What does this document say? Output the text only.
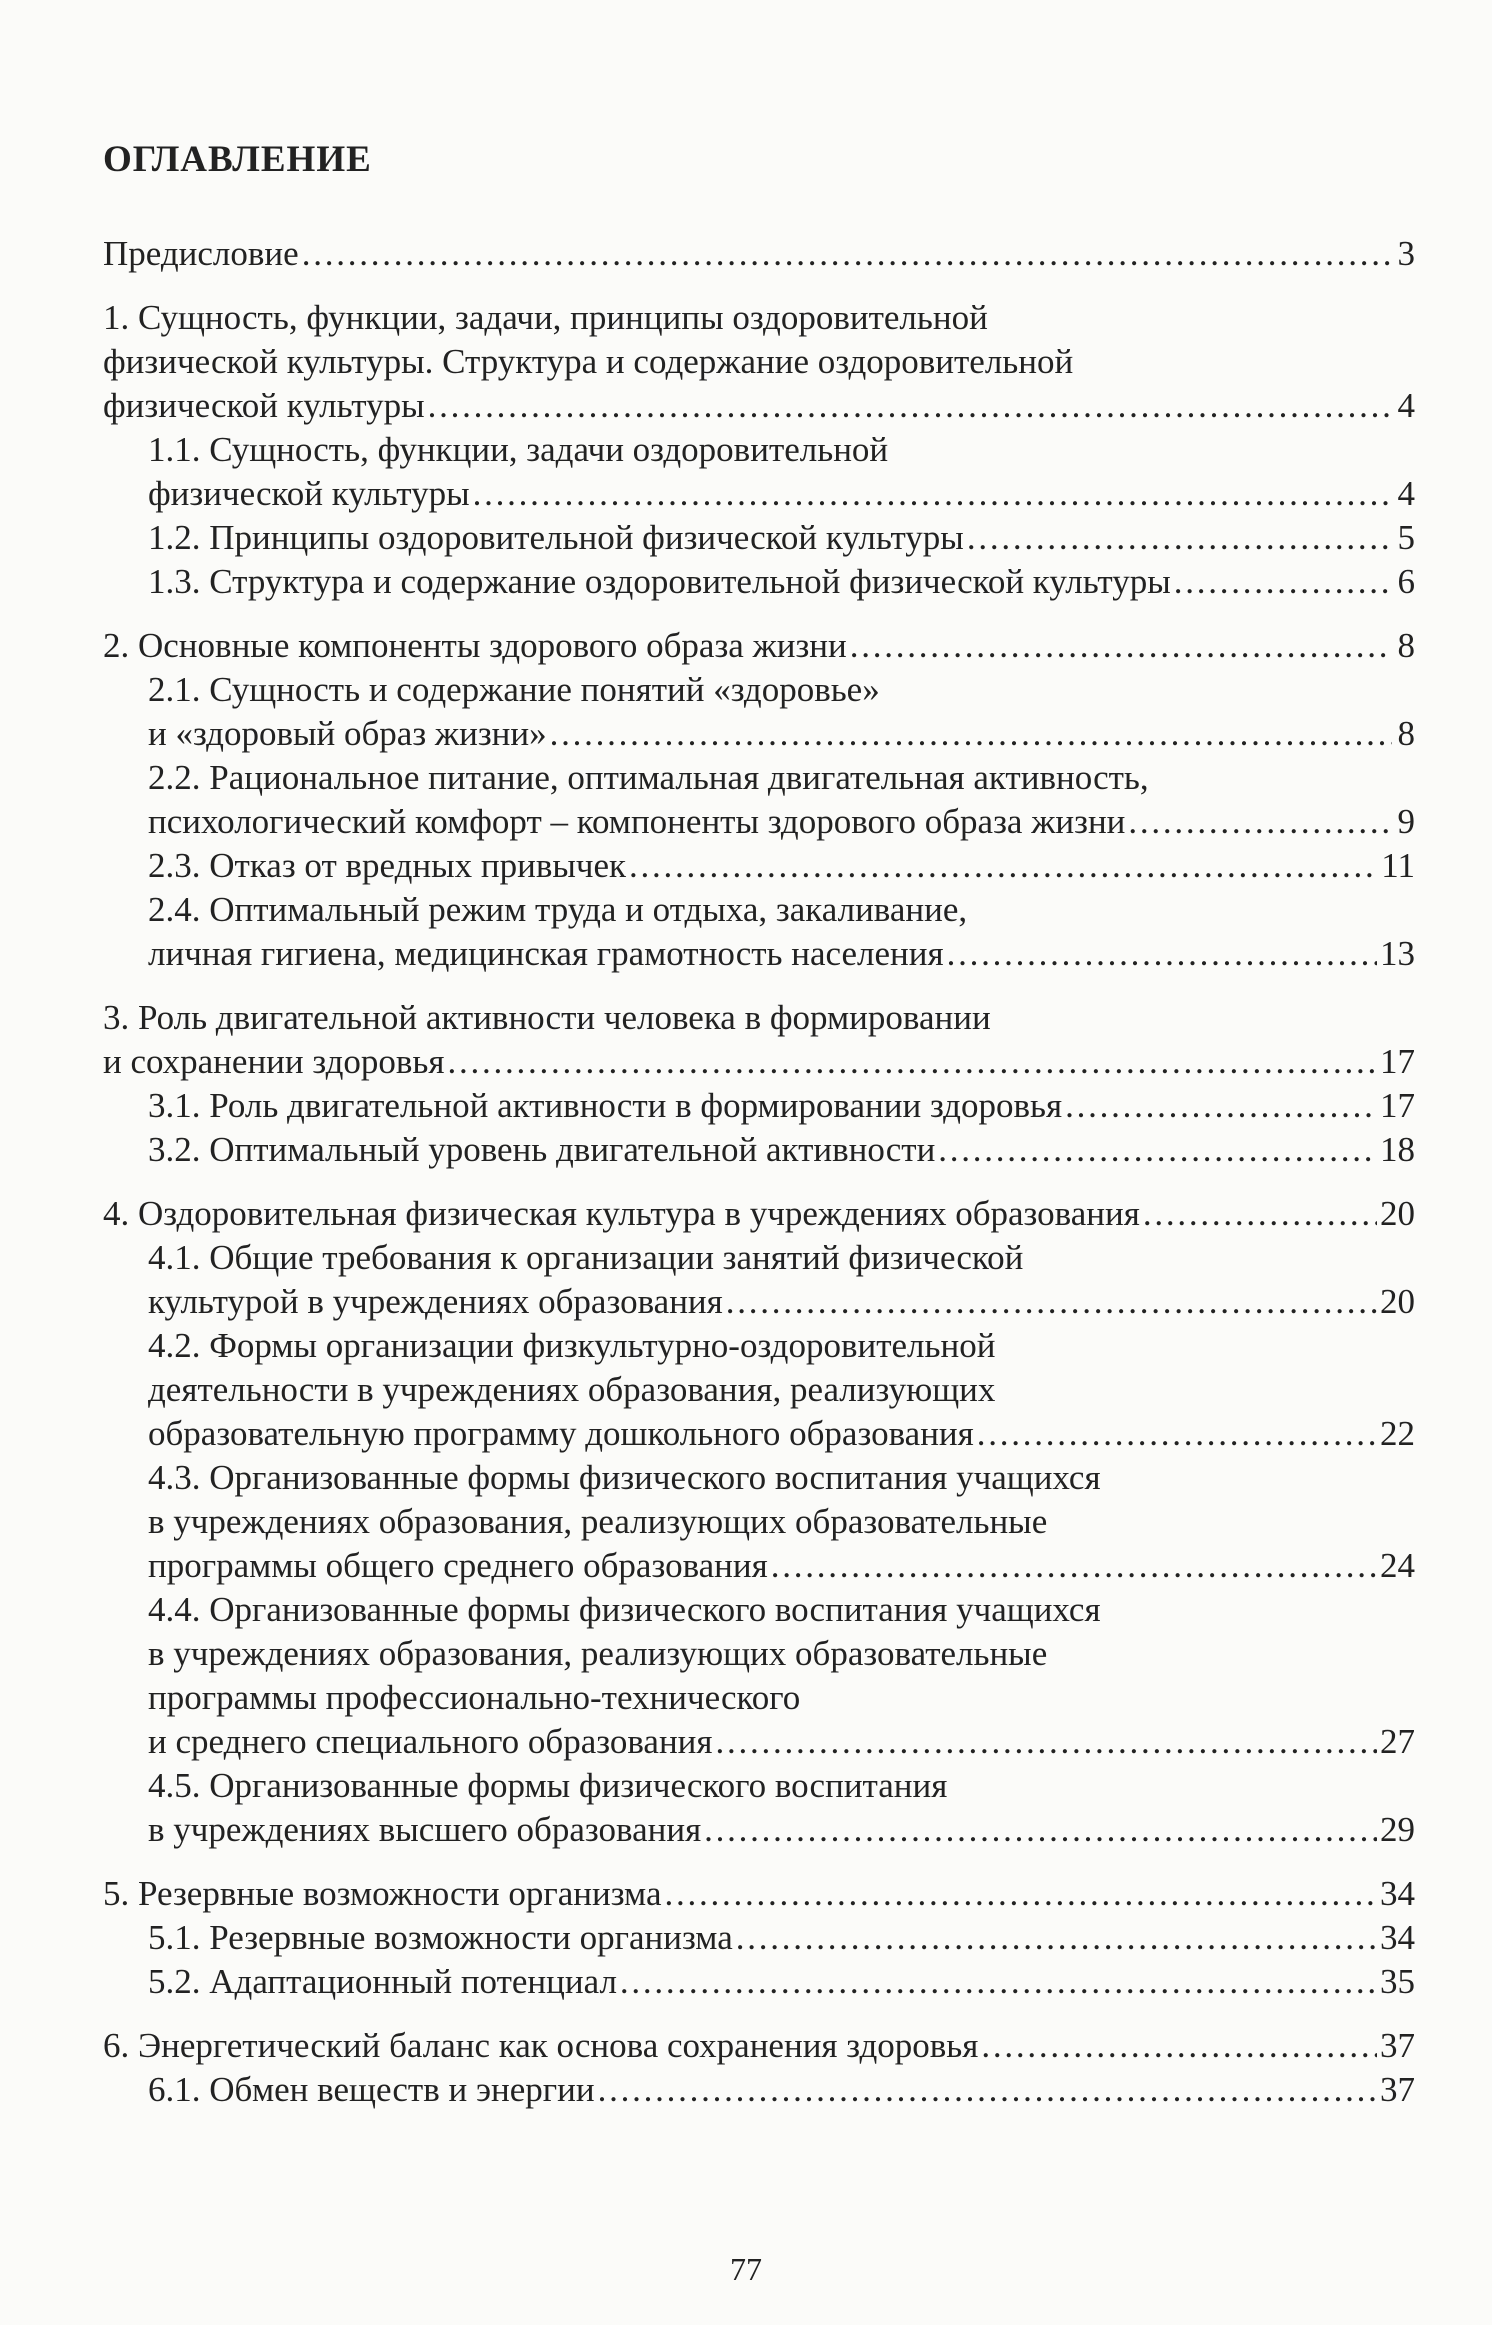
ОГЛАВЛЕНИЕ
Предисловие . . .	3
1. Сущность, функции, задачи, принципы оздоровительной
физической культуры. Структура и содержание оздоровительной
физической культуры . . .	4
1.1. Сущность, функции, задачи оздоровительной
физической культуры . . .	4
1.2. Принципы оздоровительной физической культуры . . .	5
1.3. Структура и содержание оздоровительной физической культуры . . .	6
2. Основные компоненты здорового образа жизни . . .	8
2.1. Сущность и содержание понятий «здоровье»
и «здоровый образ жизни» . . .	8
2.2. Рациональное питание, оптимальная двигательная активность,
психологический комфорт – компоненты здорового образа жизни . . .	9
2.3. Отказ от вредных привычек . . .	11
2.4. Оптимальный режим труда и отдыха, закаливание,
личная гигиена, медицинская грамотность населения . . .	13
3. Роль двигательной активности человека в формировании
и сохранении здоровья . . .	17
3.1. Роль двигательной активности в формировании здоровья . . .	17
3.2. Оптимальный уровень двигательной активности . . .	18
4. Оздоровительная физическая культура в учреждениях образования . . .	20
4.1. Общие требования к организации занятий физической
культурой в учреждениях образования . . .	20
4.2. Формы организации физкультурно-оздоровительной
деятельности в учреждениях образования, реализующих
образовательную программу дошкольного образования . . .	22
4.3. Организованные формы физического воспитания учащихся
в учреждениях образования, реализующих образовательные
программы общего среднего образования . . .	24
4.4. Организованные формы физического воспитания учащихся
в учреждениях образования, реализующих образовательные
программы профессионально-технического
и среднего специального образования . . .	27
4.5. Организованные формы физического воспитания
в учреждениях высшего образования . . .	29
5. Резервные возможности организма . . .	34
5.1. Резервные возможности организма . . .	34
5.2. Адаптационный потенциал . . .	35
6. Энергетический баланс как основа сохранения здоровья . . .	37
6.1. Обмен веществ и энергии . . .	37
77
